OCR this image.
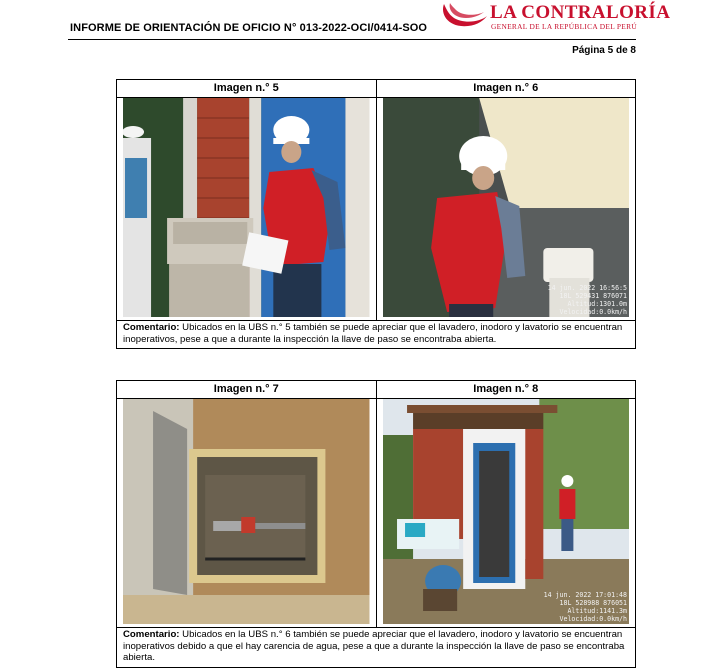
INFORME DE ORIENTACIÓN DE OFICIO N° 013-2022-OCI/0414-SOO
LA CONTRALORÍA
GENERAL DE LA REPÚBLICA DEL PERÚ
Página 5 de 8
Imagen n.° 5	Imagen n.° 6
14 jun. 2022 16:56:5
18L 529431 876071
Altitud:1301.0m
Velocidad:0.0km/h
Comentario: Ubicados en la UBS n.° 5 también se puede apreciar que el lavadero, inodoro y lavatorio se encuentran inoperativos, pese a que a durante la inspección la llave de paso se encontraba abierta.
Imagen n.° 7	Imagen n.° 8
14 jun. 2022 17:01:48
18L 528988 876051
Altitud:1141.3m
Velocidad:0.0km/h
Comentario: Ubicados en la UBS n.° 6 también se puede apreciar que el lavadero, inodoro y lavatorio se encuentran inoperativos debido a que el hay carencia de agua, pese a que a durante la inspección la llave de paso se encontraba abierta.
